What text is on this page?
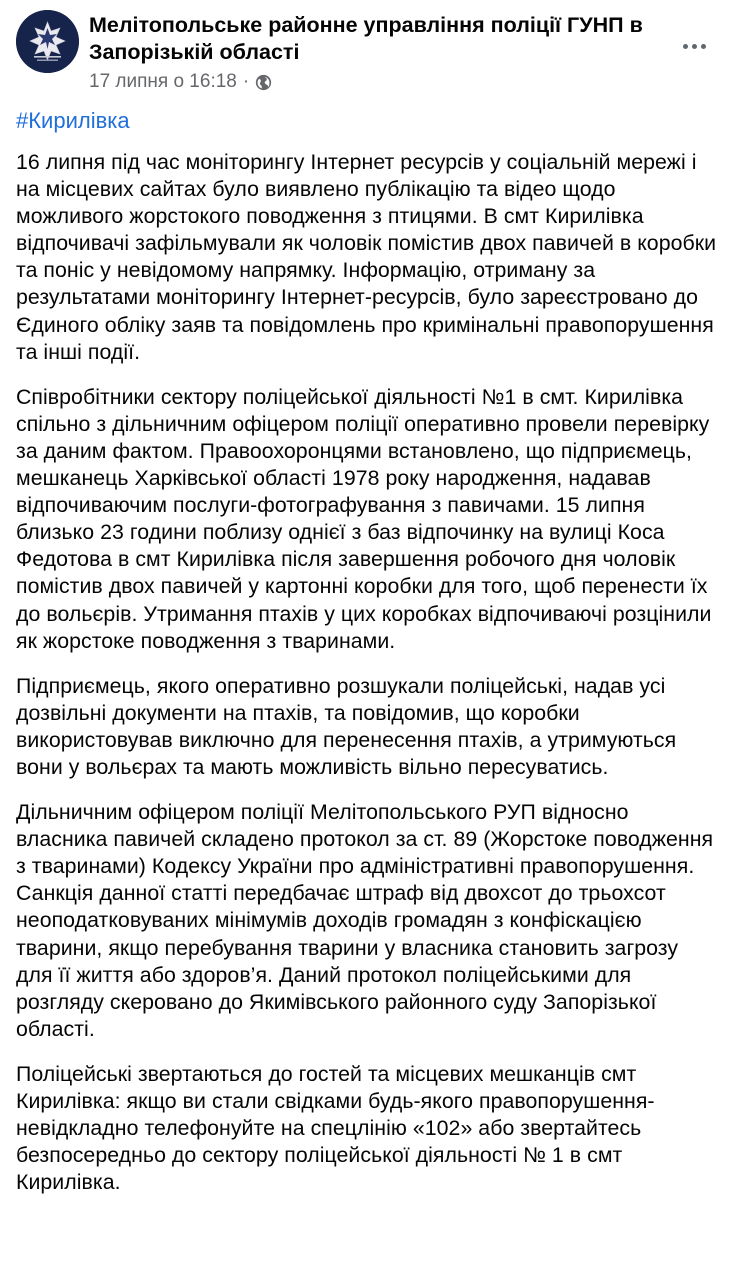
Мелітопольське районне управління поліції ГУНП в Запорізькій області
17 липня о 16:18 ·
#Кирилівка

16 липня під час моніторингу Інтернет ресурсів у соціальній мережі і на місцевих сайтах було виявлено публікацію та відео щодо можливого жорстокого поводження з птицями. В смт Кирилівка відпочивачі зафільмували як чоловік помістив двох павичей в коробки та поніс у невідомому напрямку. Інформацію, отриману за результатами моніторингу Інтернет-ресурсів, було зареєстровано до Єдиного обліку заяв та повідомлень про кримінальні правопорушення та інші події.

Співробітники сектору поліцейської діяльності №1 в смт. Кирилівка спільно з дільничним офіцером поліції оперативно провели перевірку за даним фактом. Правоохоронцями встановлено, що підприємець, мешканець Харківської області 1978 року народження, надавав відпочиваючим послуги-фотографування з павичами. 15 липня близько 23 години поблизу однієї з баз відпочинку на вулиці Коса Федотова в смт Кирилівка після завершення робочого дня чоловік помістив двох павичей у картонні коробки для того, щоб перенести їх до вольєрів. Утримання птахів у цих коробках відпочиваючі розцінили як жорстоке поводження з тваринами.

Підприємець, якого оперативно розшукали поліцейські, надав усі дозвільні документи на птахів, та повідомив, що коробки використовував виключно для перенесення птахів, а утримуються вони у вольєрах та мають можливість вільно пересуватись.

Дільничним офіцером поліції Мелітопольського РУП відносно власника павичей складено протокол за ст. 89 (Жорстоке поводження з тваринами) Кодексу України про адміністративні правопорушення. Санкція данної статті передбачає штраф від двохсот до трьохсот неоподатковуваних мінімумів доходів громадян з конфіскацією тварини, якщо перебування тварини у власника становить загрозу для її життя або здоров’я. Даний протокол поліцейськими для розгляду скеровано до Якимівського районного суду Запорізької області.

Поліцейські звертаються до гостей та місцевих мешканців смт Кирилівка: якщо ви стали свідками будь-якого правопорушення- невідкладно телефонуйте на спецлінію «102» або звертайтесь безпосередньо до сектору поліцейської діяльності № 1 в смт Кирилівка.
